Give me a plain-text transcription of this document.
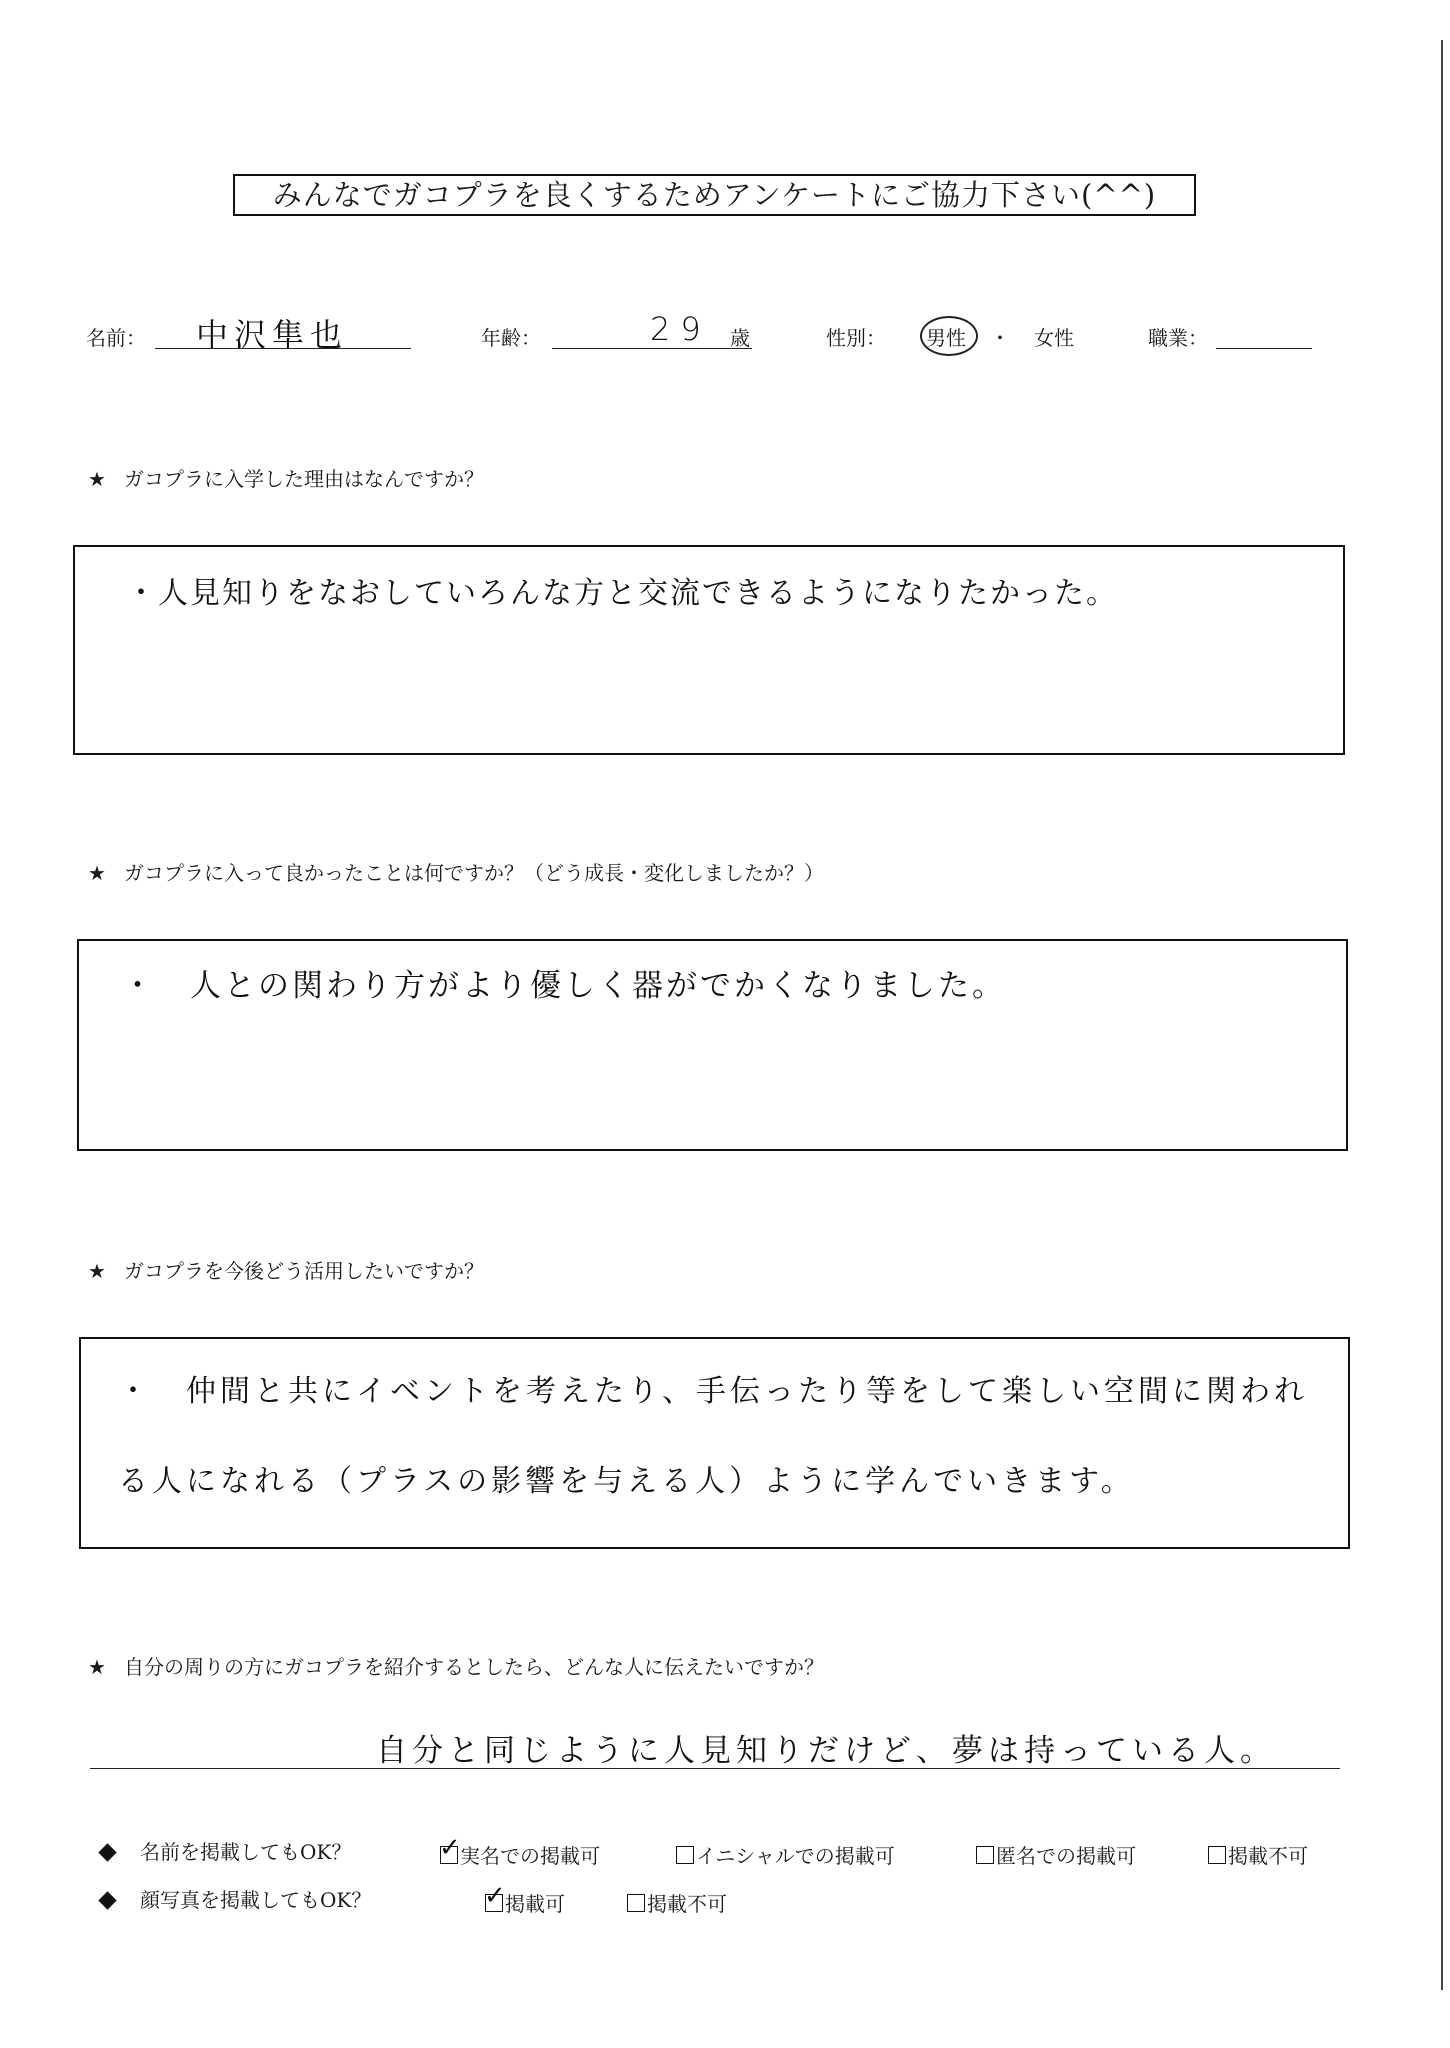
みんなでガコプラを良くするためアンケートにご協力下さい(^^)
名前： 中沢隼也	年齢：	29 歳	性別： 男性 ・ 女性	職業：
★ ガコプラに入学した理由はなんですか？
・人見知りをなおしていろんな方と交流できるようになりたかった。
★ ガコプラに入って良かったことは何ですか？（どう成長・変化しましたか？）
・　人との関わり方がより優しく器がでかくなりました。
★ ガコプラを今後どう活用したいですか？
・　仲間と共にイベントを考えたり、手伝ったり等をして楽しい空間に関われ
る人になれる（プラスの影響を与える人）ように学んでいきます。
★ 自分の周りの方にガコプラを紹介するとしたら、どんな人に伝えたいですか？
自分と同じように人見知りだけど、夢は持っている人。
名前を掲載してもOK？	✓ 実名での掲載可	イニシャルでの掲載可	匿名での掲載可	掲載不可
顔写真を掲載してもOK？	✓ 掲載可	掲載不可
